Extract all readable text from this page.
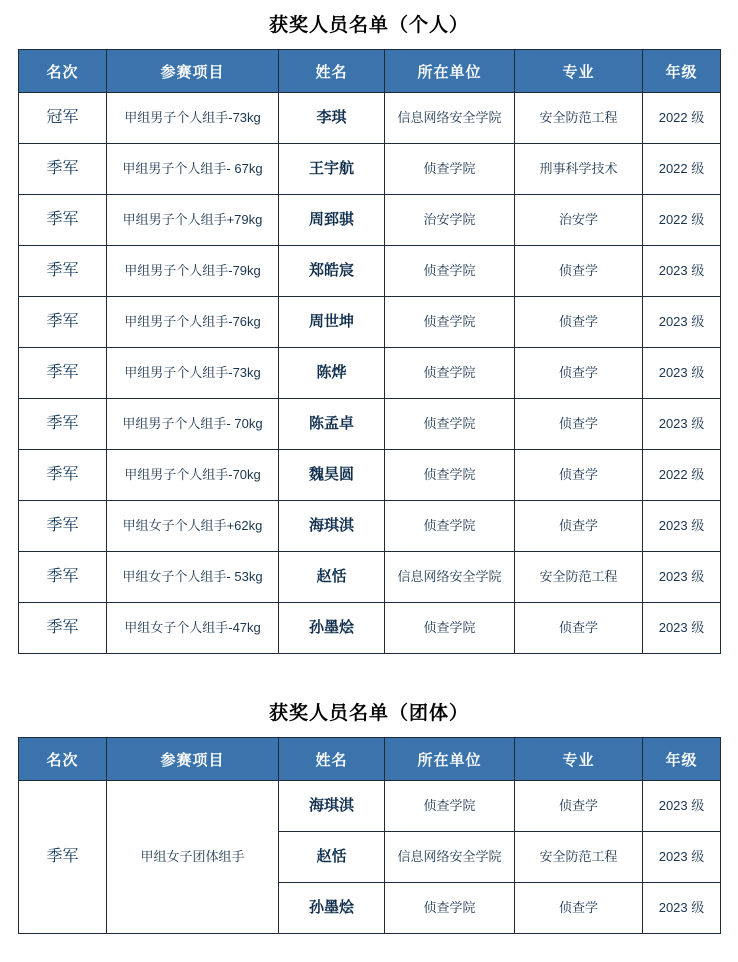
获奖人员名单（个人）
名次	参赛项目	姓名	所在单位	专业	年级
冠军	甲组男子个人组手-73kg	李琪	信息网络安全学院	安全防范工程	2022 级
季军	甲组男子个人组手- 67kg	王宇航	侦查学院	刑事科学技术	2022 级
季军	甲组男子个人组手+79kg	周郅骐	治安学院	治安学	2022 级
季军	甲组男子个人组手-79kg	郑皓宸	侦查学院	侦查学	2023 级
季军	甲组男子个人组手-76kg	周世坤	侦查学院	侦查学	2023 级
季军	甲组男子个人组手-73kg	陈烨	侦查学院	侦查学	2023 级
季军	甲组男子个人组手- 70kg	陈孟卓	侦查学院	侦查学	2023 级
季军	甲组男子个人组手-70kg	魏昊圆	侦查学院	侦查学	2022 级
季军	甲组女子个人组手+62kg	海琪淇	侦查学院	侦查学	2023 级
季军	甲组女子个人组手- 53kg	赵恬	信息网络安全学院	安全防范工程	2023 级
季军	甲组女子个人组手-47kg	孙墨烩	侦查学院	侦查学	2023 级
获奖人员名单（团体）
名次	参赛项目	姓名	所在单位	专业	年级
季军	甲组女子团体组手	海琪淇	侦查学院	侦查学	2023 级
		赵恬	信息网络安全学院	安全防范工程	2023 级
		孙墨烩	侦查学院	侦查学	2023 级
